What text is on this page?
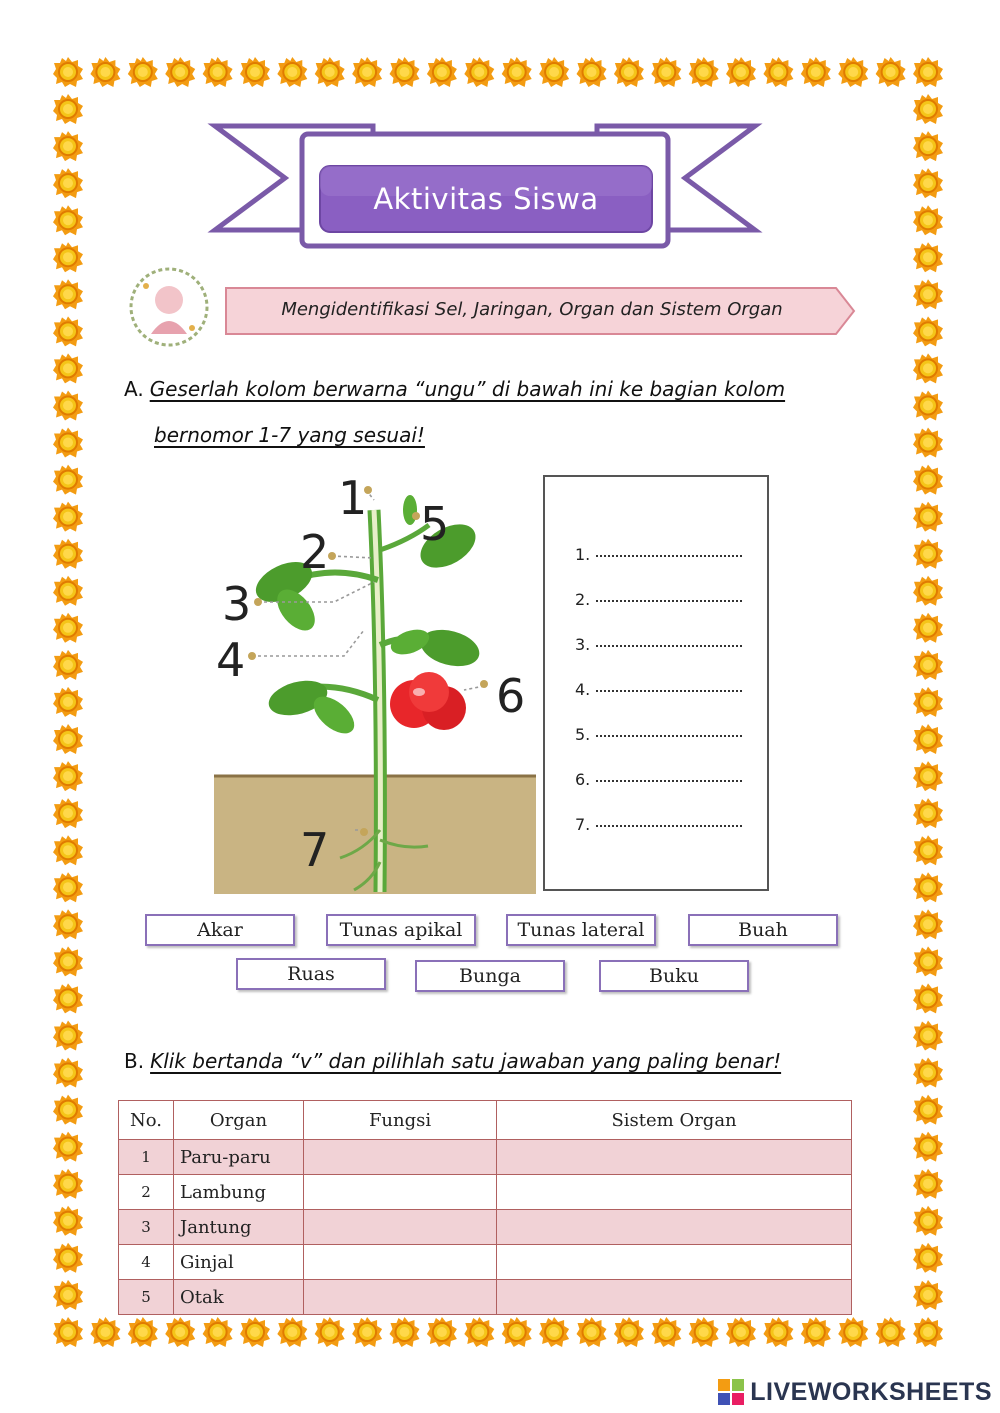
Aktivitas Siswa
Mengidentifikasi Sel, Jaringan, Organ dan Sistem Organ
A. Geserlah kolom berwarna “ungu” di bawah ini ke bagian kolom
bernomor 1-7 yang sesuai!
1
2
3
4
5
6
7
1.
2.
3.
4.
5.
6.
7.
Akar	Tunas apikal	Tunas lateral	Buah
Ruas	Bunga	Buku
B. Klik bertanda “v” dan pilihlah satu jawaban yang paling benar!
No.	Organ	Fungsi	Sistem Organ
1	Paru-paru		
2	Lambung		
3	Jantung		
4	Ginjal		
5	Otak		
LIVEWORKSHEETS
